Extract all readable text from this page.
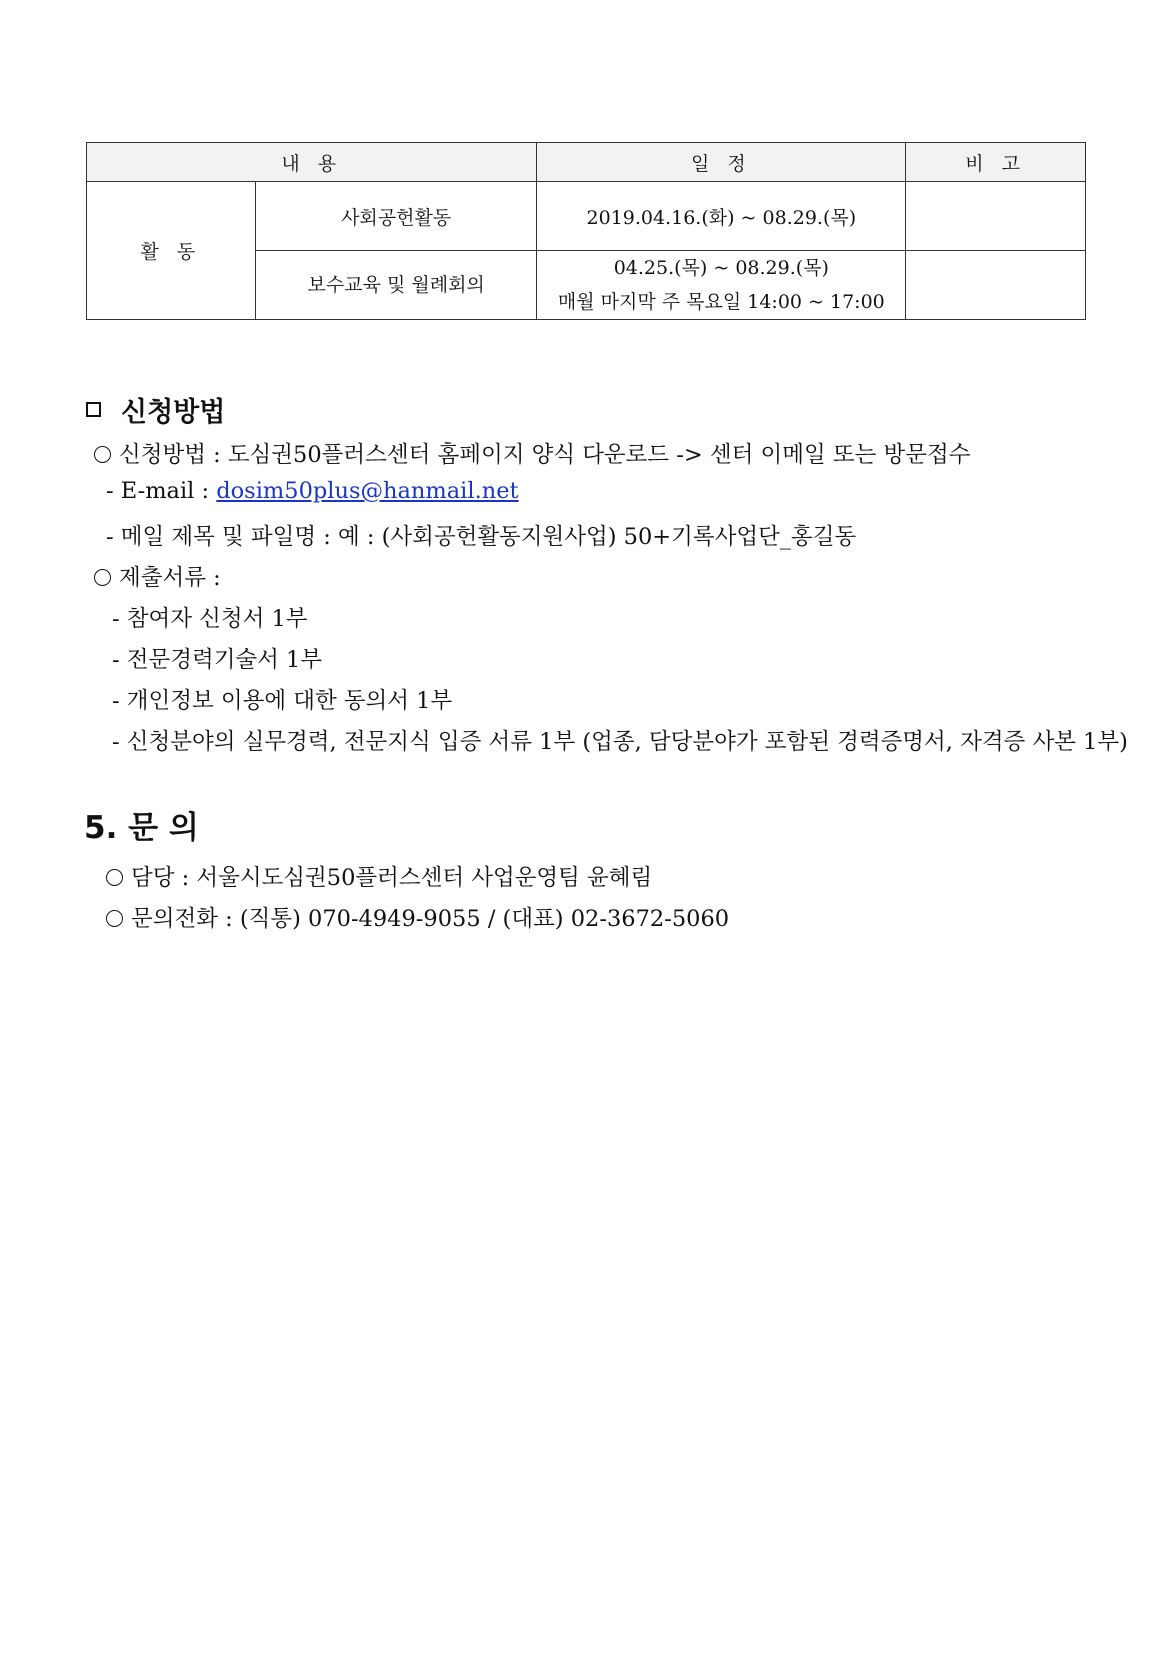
내 용		일 정	비 고
활 동	사회공헌활동	2019.04.16.(화) ~ 08.29.(목)	
	보수교육 및 월례회의	04.25.(목) ~ 08.29.(목)
매월 마지막 주 목요일 14:00 ~ 17:00	

신청방법
신청방법 : 도심권50플러스센터 홈페이지 양식 다운로드 -> 센터 이메일 또는 방문접수
- E-mail : dosim50plus@hanmail.net
- 메일 제목 및 파일명 : 예 : (사회공헌활동지원사업) 50+기록사업단_홍길동
제출서류 :
- 참여자 신청서 1부
- 전문경력기술서 1부
- 개인정보 이용에 대한 동의서 1부
- 신청분야의 실무경력, 전문지식 입증 서류 1부 (업종, 담당분야가 포함된 경력증명서, 자격증 사본 1부)
5. 문 의
담당 : 서울시도심권50플러스센터 사업운영팀 윤혜림
문의전화 : (직통) 070-4949-9055 / (대표) 02-3672-5060
